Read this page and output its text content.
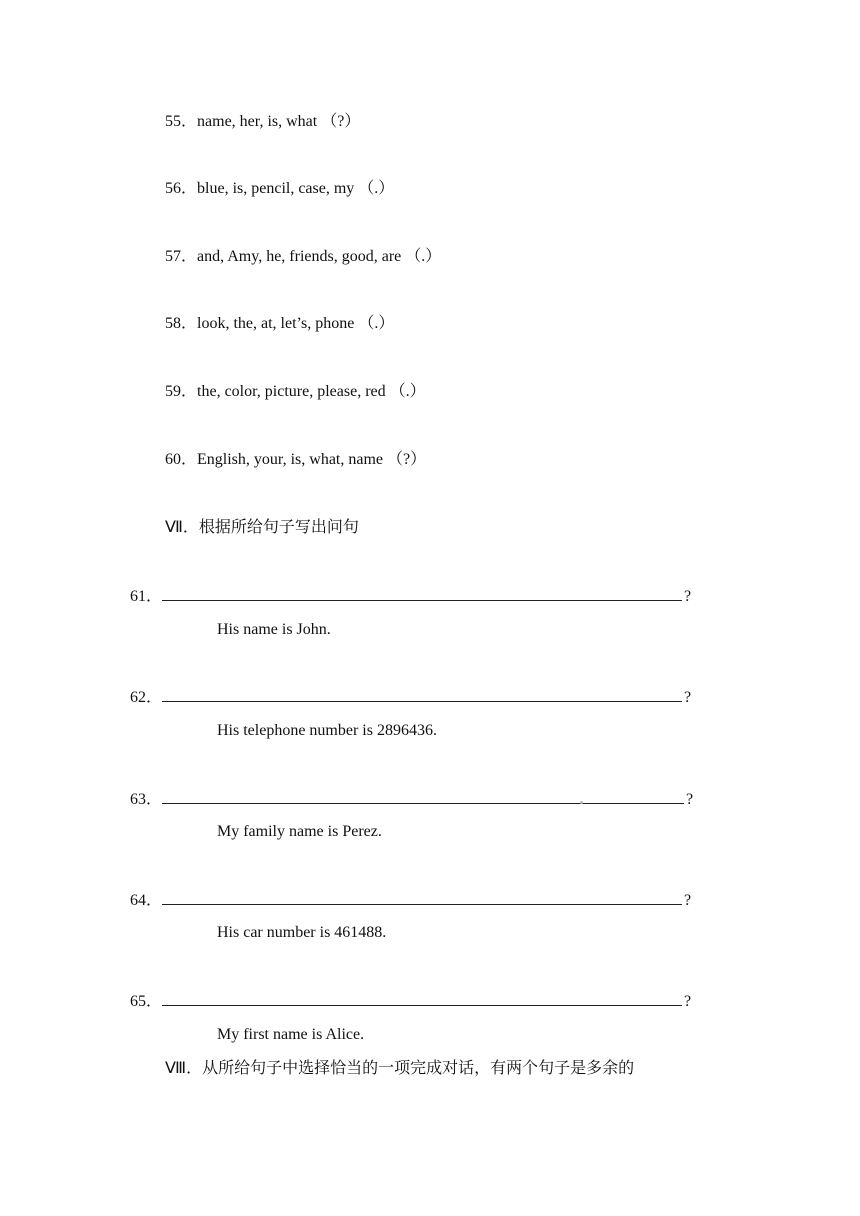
55．name, her, is, what （?）
56．blue, is, pencil, case, my （.）
57．and, Amy, he, friends, good, are （.）
58．look, the, at, let’s, phone （.）
59．the, color, picture, please, red （.）
60．English, your, is, what, name （?）
Ⅶ．根据所给句子写出问句
61．	?
His name is John.
62．	?
His telephone number is 2896436.
63．	?
My family name is Perez.
64．	?
His car number is 461488.
65．	?
My first name is Alice.
Ⅷ．从所给句子中选择恰当的一项完成对话，有两个句子是多余的
